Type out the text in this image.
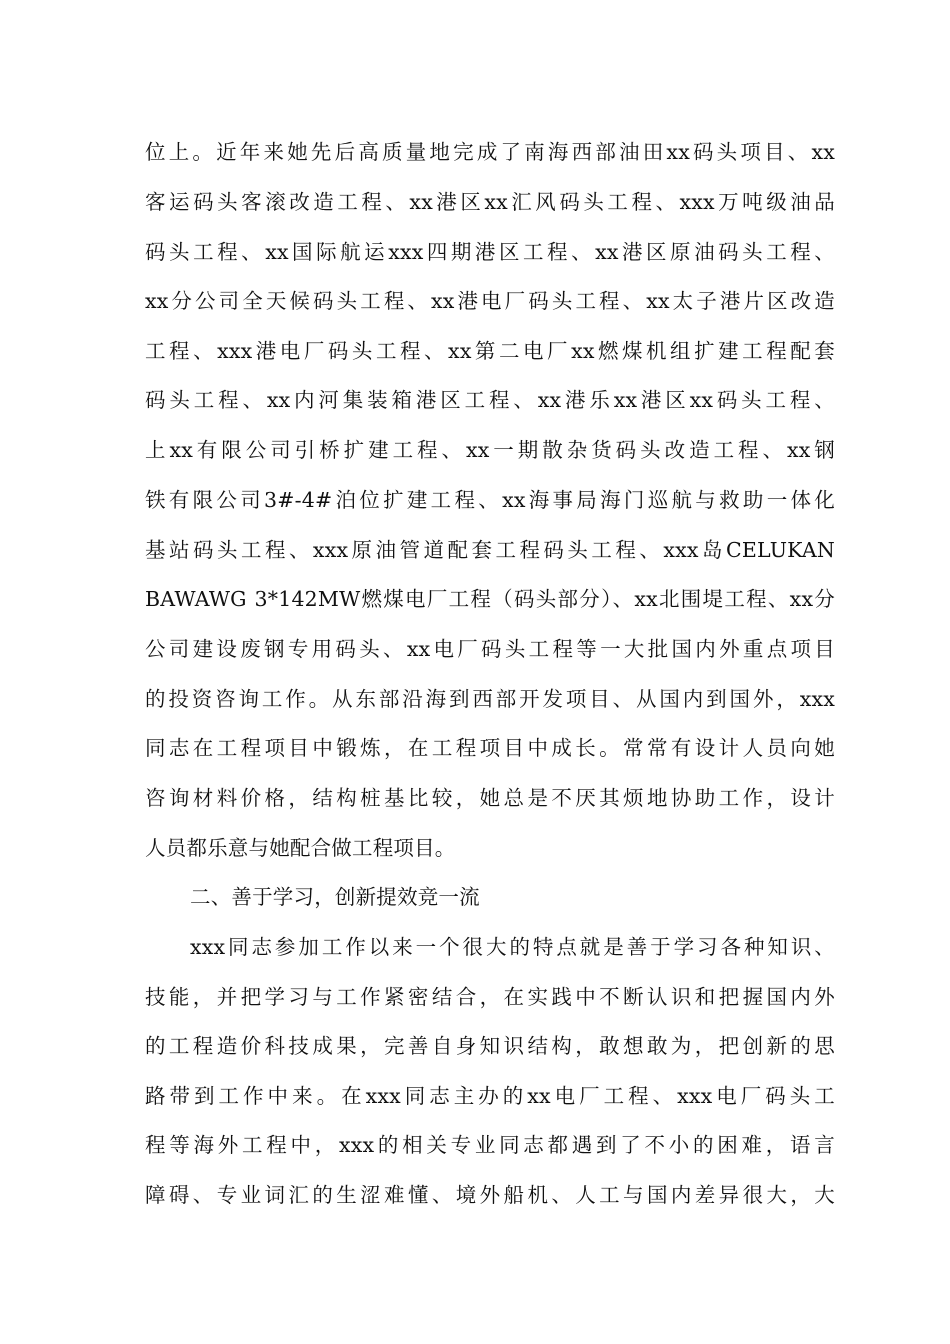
位上。近年来她先后高质量地完成了南海西部油田xx码头项目、xx
客运码头客滚改造工程、xx港区xx汇风码头工程、xxx万吨级油品
码头工程、xx国际航运xxx四期港区工程、xx港区原油码头工程、
xx分公司全天候码头工程、xx港电厂码头工程、xx太子港片区改造
工程、xxx港电厂码头工程、xx第二电厂xx燃煤机组扩建工程配套
码头工程、xx内河集装箱港区工程、xx港乐xx港区xx码头工程、
上xx有限公司引桥扩建工程、xx一期散杂货码头改造工程、xx钢
铁有限公司3#-4#泊位扩建工程、xx海事局海门巡航与救助一体化
基站码头工程、xxx原油管道配套工程码头工程、xxx岛CELUKAN
BAWAWG 3*142MW燃煤电厂工程（码头部分）、xx北围堤工程、xx分
公司建设废钢专用码头、xx电厂码头工程等一大批国内外重点项目
的投资咨询工作。从东部沿海到西部开发项目、从国内到国外，xxx
同志在工程项目中锻炼，在工程项目中成长。常常有设计人员向她
咨询材料价格，结构桩基比较，她总是不厌其烦地协助工作，设计
人员都乐意与她配合做工程项目。
二、善于学习，创新提效竞一流
xxx同志参加工作以来一个很大的特点就是善于学习各种知识、
技能，并把学习与工作紧密结合，在实践中不断认识和把握国内外
的工程造价科技成果，完善自身知识结构，敢想敢为，把创新的思
路带到工作中来。在xxx同志主办的xx电厂工程、xxx电厂码头工
程等海外工程中，xxx的相关专业同志都遇到了不小的困难，语言
障碍、专业词汇的生涩难懂、境外船机、人工与国内差异很大，大
